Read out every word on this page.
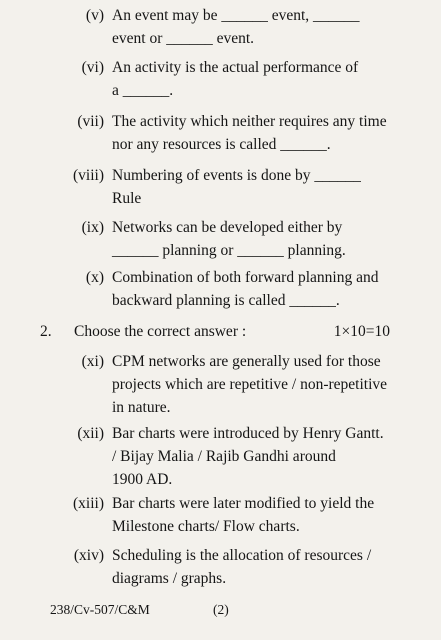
(v) An event may be ______ event, ______
event or ______ event.
(vi) An activity is the actual performance of
a ______.
(vii) The activity which neither requires any time
nor any resources is called ______.
(viii) Numbering of events is done by ______
Rule
(ix) Networks can be developed either by
______ planning or ______ planning.
(x) Combination of both forward planning and
backward planning is called ______.
2. Choose the correct answer :	1×10=10
(xi) CPM networks are generally used for those
projects which are repetitive / non-repetitive
in nature.
(xii) Bar charts were introduced by Henry Gantt.
/ Bijay Malia / Rajib Gandhi around
1900 AD.
(xiii) Bar charts were later modified to yield the
Milestone charts/ Flow charts.
(xiv) Scheduling is the allocation of resources /
diagrams / graphs.
238/Cv-507/C&M	(2)
